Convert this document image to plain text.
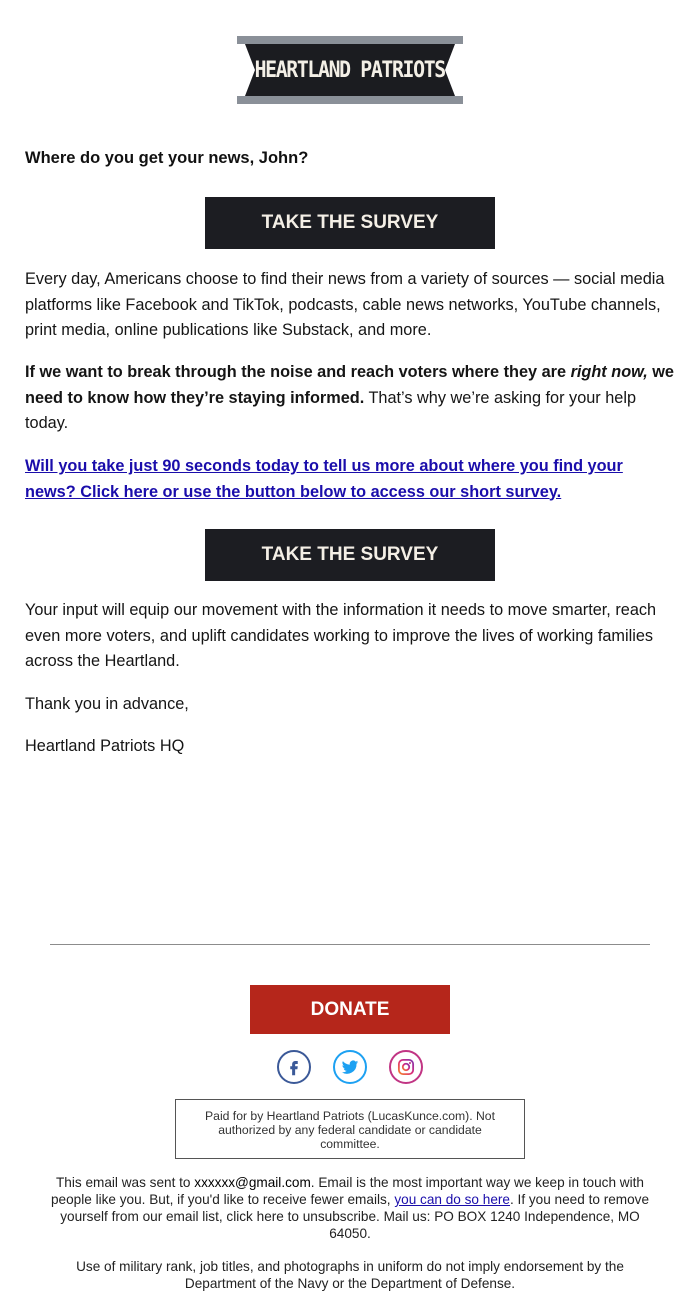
HEARTLAND PATRIOTS

Where do you get your news, John?

TAKE THE SURVEY

Every day, Americans choose to find their news from a variety of sources — social media platforms like Facebook and TikTok, podcasts, cable news networks, YouTube channels, print media, online publications like Substack, and more.

If we want to break through the noise and reach voters where they are right now, we need to know how they’re staying informed. That’s why we’re asking for your help today.

Will you take just 90 seconds today to tell us more about where you find your news? Click here or use the button below to access our short survey.

TAKE THE SURVEY

Your input will equip our movement with the information it needs to move smarter, reach even more voters, and uplift candidates working to improve the lives of working families across the Heartland.

Thank you in advance,

Heartland Patriots HQ

DONATE
Paid for by Heartland Patriots (LucasKunce.com). Not authorized by any federal candidate or candidate committee.

This email was sent to xxxxxx@gmail.com. Email is the most important way we keep in touch with people like you. But, if you'd like to receive fewer emails, you can do so here. If you need to remove yourself from our email list, click here to unsubscribe. Mail us: PO BOX 1240 Independence, MO 64050.

Use of military rank, job titles, and photographs in uniform do not imply endorsement by the Department of the Navy or the Department of Defense.
